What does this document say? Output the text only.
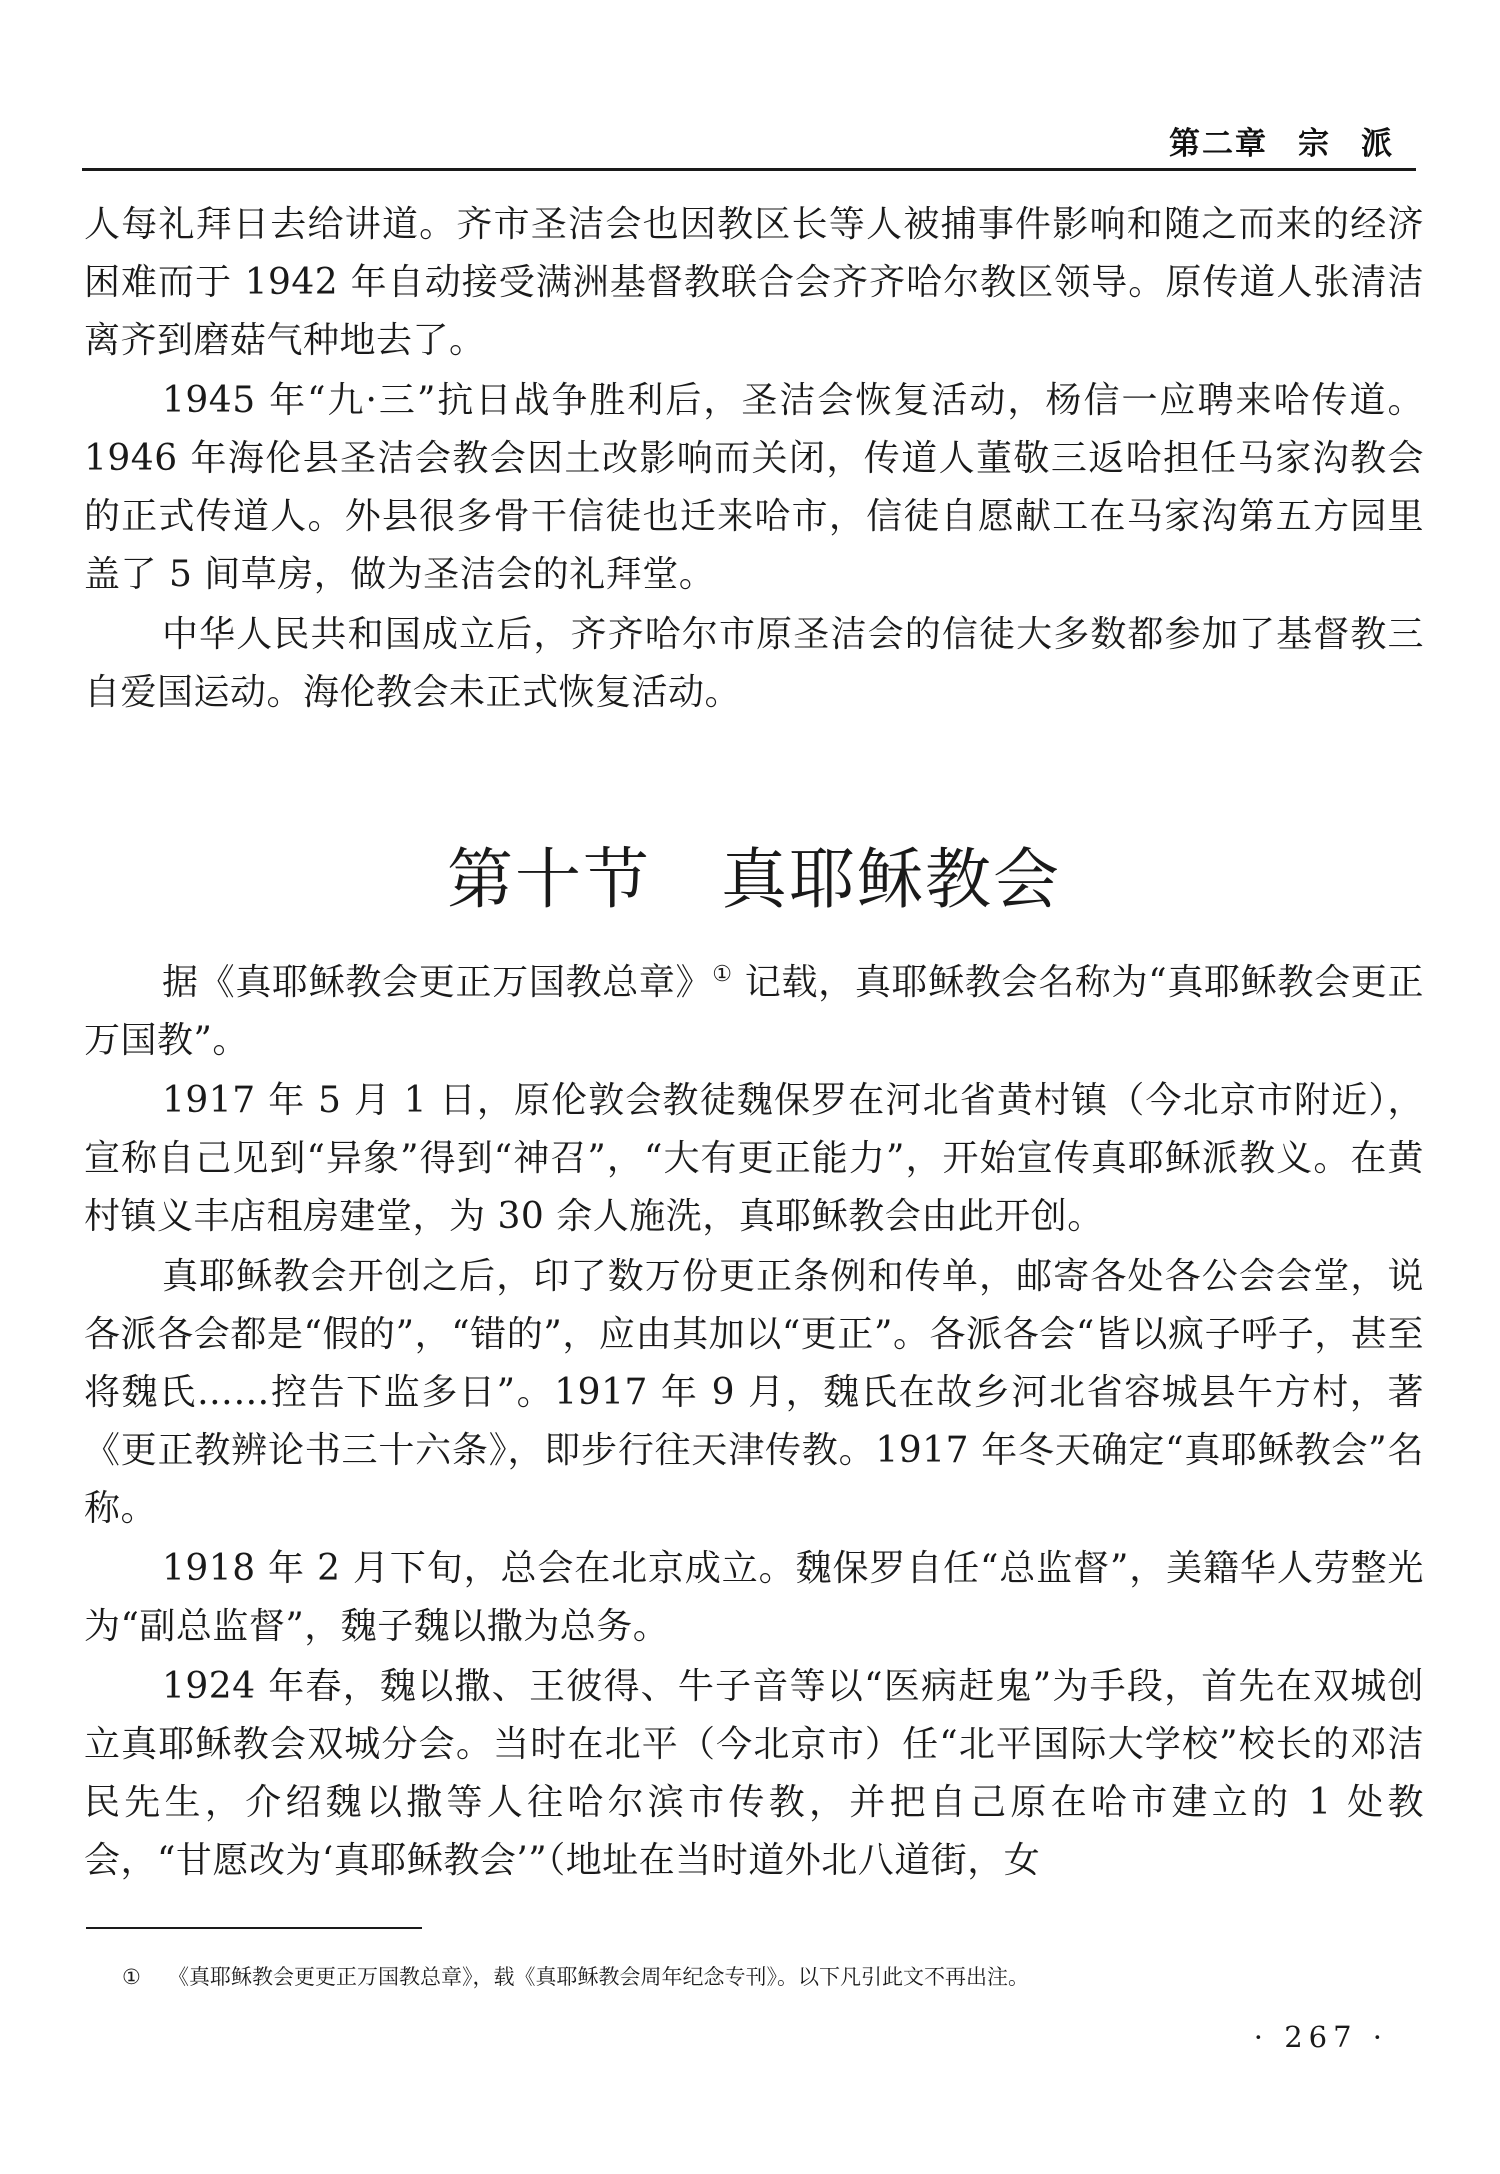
第二章 宗 派

人每礼拜日去给讲道。齐市圣洁会也因教区长等人被捕事件影响和随之而来的经济困难而于 1942 年自动接受满洲基督教联合会齐齐哈尔教区领导。原传道人张清洁离齐到磨菇气种地去了。

1945 年“九·三”抗日战争胜利后，圣洁会恢复活动，杨信一应聘来哈传道。1946 年海伦县圣洁会教会因土改影响而关闭，传道人董敬三返哈担任马家沟教会的正式传道人。外县很多骨干信徒也迁来哈市，信徒自愿献工在马家沟第五方园里盖了 5 间草房，做为圣洁会的礼拜堂。

中华人民共和国成立后，齐齐哈尔市原圣洁会的信徒大多数都参加了基督教三自爱国运动。海伦教会未正式恢复活动。

第十节 真耶稣教会

据《真耶稣教会更正万国教总章》① 记载，真耶稣教会名称为“真耶稣教会更正万国教”。

1917 年 5 月 1 日，原伦敦会教徒魏保罗在河北省黄村镇（今北京市附近），宣称自己见到“异象”得到“神召”，“大有更正能力”，开始宣传真耶稣派教义。在黄村镇义丰店租房建堂，为 30 余人施洗，真耶稣教会由此开创。

真耶稣教会开创之后，印了数万份更正条例和传单，邮寄各处各公会会堂，说各派各会都是“假的”，“错的”，应由其加以“更正”。各派各会“皆以疯子呼子，甚至将魏氏……控告下监多日”。1917 年 9 月，魏氏在故乡河北省容城县午方村，著《更正教辨论书三十六条》，即步行往天津传教。1917 年冬天确定“真耶稣教会”名称。

1918 年 2 月下旬，总会在北京成立。魏保罗自任“总监督”，美籍华人劳整光为“副总监督”，魏子魏以撒为总务。

1924 年春，魏以撒、王彼得、牛子音等以“医病赶鬼”为手段，首先在双城创立真耶稣教会双城分会。当时在北平（今北京市）任“北平国际大学校”校长的邓洁民先生，介绍魏以撒等人往哈尔滨市传教，并把自己原在哈市建立的 1 处教会，“甘愿改为‘真耶稣教会’”（地址在当时道外北八道街，女

① 《真耶稣教会更更正万国教总章》，载《真耶稣教会周年纪念专刊》。以下凡引此文不再出注。
· 267 ·
